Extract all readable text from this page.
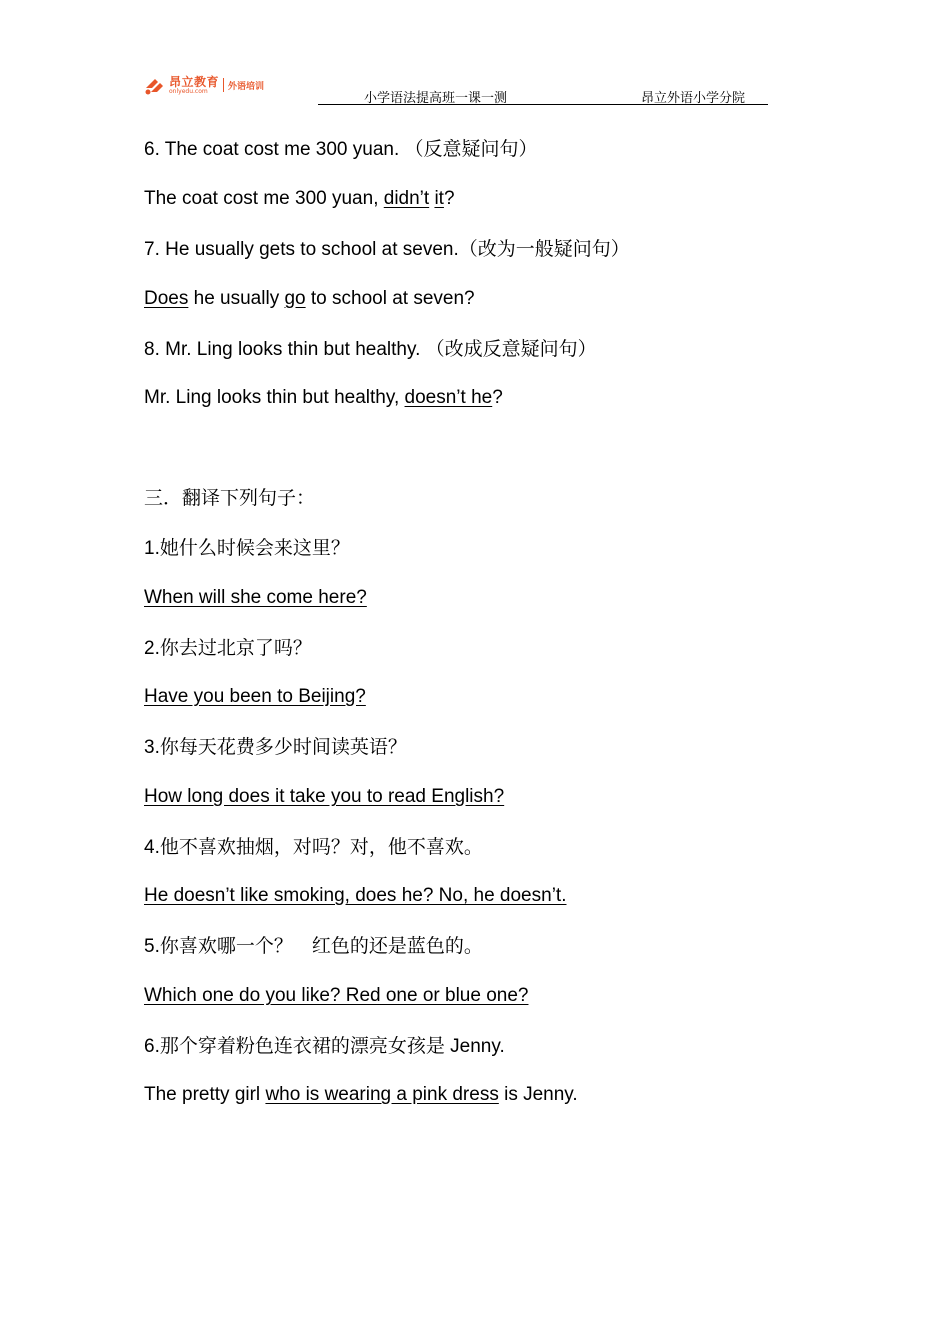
昂立教育
onlyedu.com	外语培训
小学语法提高班一课一测	昂立外语小学分院
6. The coat cost me 300 yuan. （反意疑问句）
The coat cost me 300 yuan, didn’t it?
7. He usually gets to school at seven.（改为一般疑问句）
Does he usually go to school at seven?
8. Mr. Ling looks thin but healthy. （改成反意疑问句）
Mr. Ling looks thin but healthy, doesn’t he?
三．翻译下列句子：
1.她什么时候会来这里？
When will she come here?
2.你去过北京了吗？
Have you been to Beijing?
3.你每天花费多少时间读英语？
How long does it take you to read English?
4.他不喜欢抽烟，对吗？对，他不喜欢。
He doesn’t like smoking, does he? No, he doesn’t.
5.你喜欢哪一个？　红色的还是蓝色的。
Which one do you like? Red one or blue one?
6.那个穿着粉色连衣裙的漂亮女孩是 Jenny.
The pretty girl who is wearing a pink dress is Jenny.
